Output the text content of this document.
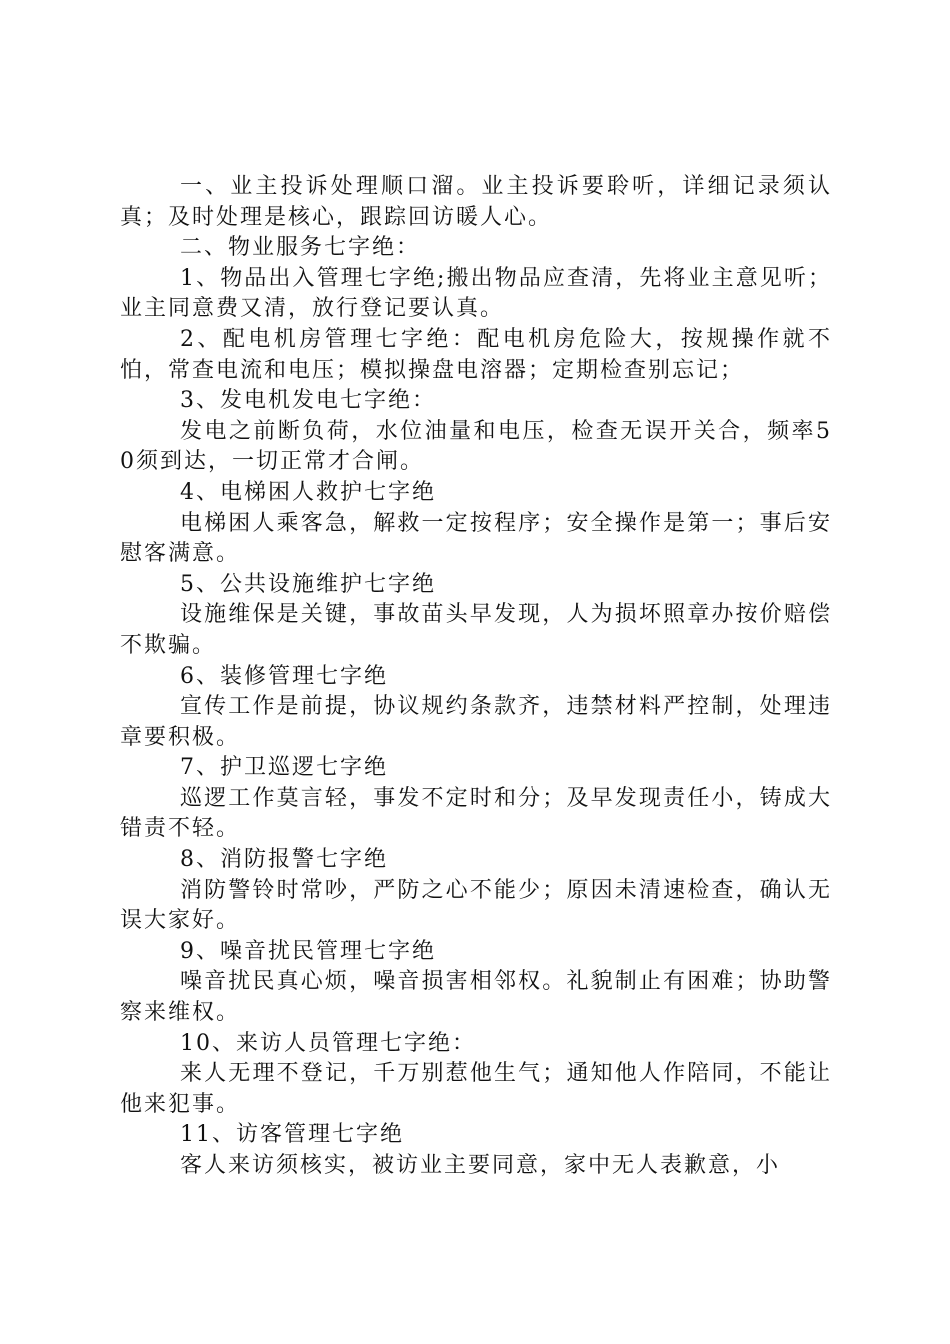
一、业主投诉处理顺口溜。业主投诉要聆听，详细记录须认真；及时处理是核心，跟踪回访暖人心。

二、物业服务七字绝：

1、物品出入管理七字绝;搬出物品应查清，先将业主意见听；业主同意费又清，放行登记要认真。

2、配电机房管理七字绝：配电机房危险大，按规操作就不怕，常查电流和电压；模拟操盘电溶器；定期检查别忘记；

3、发电机发电七字绝：

发电之前断负荷，水位油量和电压，检查无误开关合，频率50须到达，一切正常才合闸。

4、电梯困人救护七字绝

电梯困人乘客急，解救一定按程序；安全操作是第一；事后安慰客满意。

5、公共设施维护七字绝

设施维保是关键，事故苗头早发现，人为损坏照章办按价赔偿不欺骗。

6、装修管理七字绝

宣传工作是前提，协议规约条款齐，违禁材料严控制，处理违章要积极。

7、护卫巡逻七字绝

巡逻工作莫言轻，事发不定时和分；及早发现责任小，铸成大错责不轻。

8、消防报警七字绝

消防警铃时常吵，严防之心不能少；原因未清速检查，确认无误大家好。

9、噪音扰民管理七字绝

噪音扰民真心烦，噪音损害相邻权。礼貌制止有困难；协助警察来维权。

10、来访人员管理七字绝：

来人无理不登记，千万别惹他生气；通知他人作陪同，不能让他来犯事。

11、访客管理七字绝

客人来访须核实，被访业主要同意，家中无人表歉意，小
